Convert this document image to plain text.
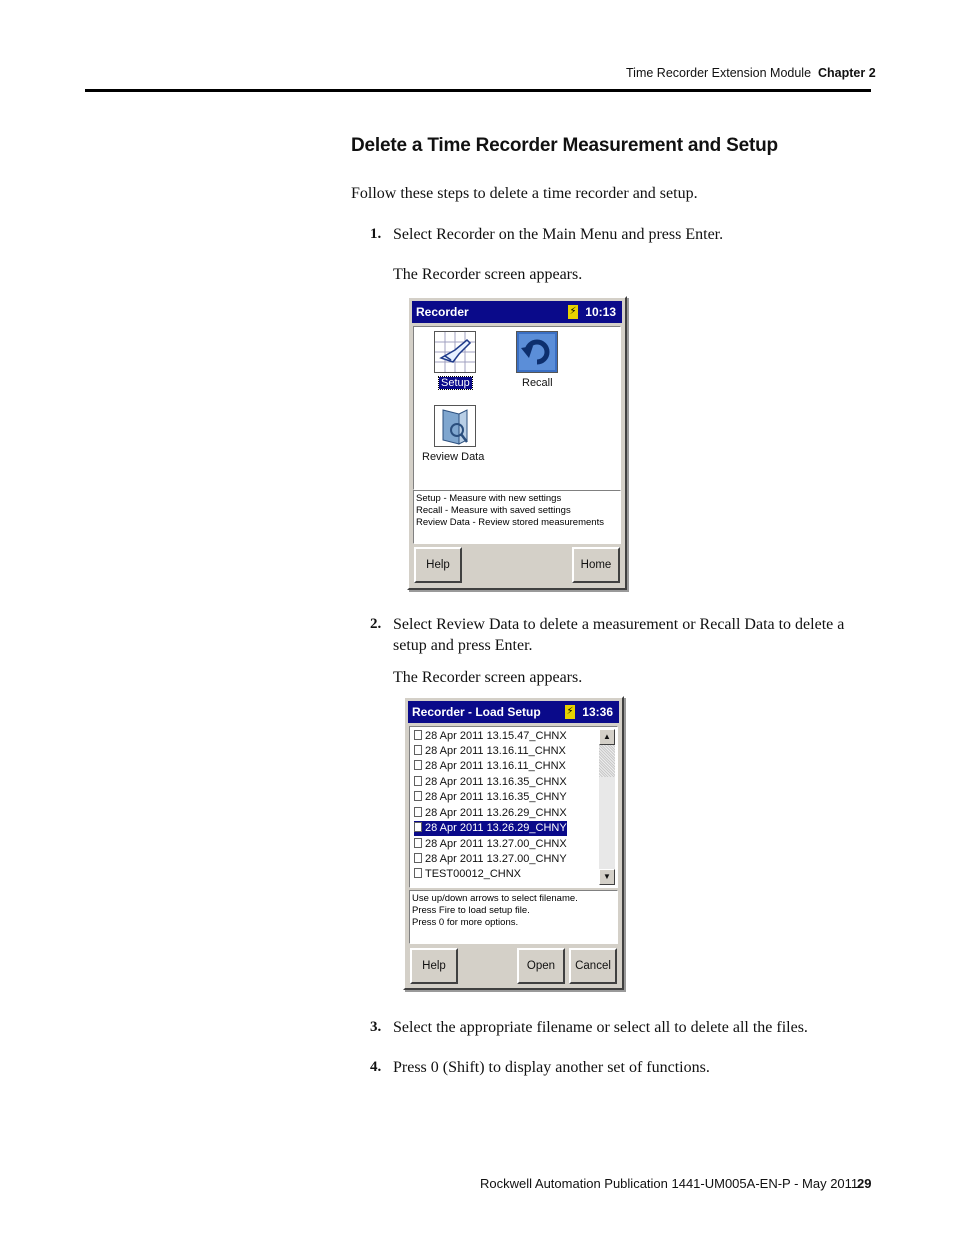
Time Recorder Extension Module Chapter 2
Delete a Time Recorder Measurement and Setup
Follow these steps to delete a time recorder and setup.
1. Select Recorder on the Main Menu and press Enter.
The Recorder screen appears.
Recorder	⚡ 10:13
Setup	Recall
Review Data
Setup - Measure with new settings
Recall - Measure with saved settings
Review Data - Review stored measurements
Help	Home
2. Select Review Data to delete a measurement or Recall Data to delete a setup and press Enter.
The Recorder screen appears.
Recorder - Load Setup	⚡ 13:36
28 Apr 2011 13.15.47_CHNX
28 Apr 2011 13.16.11_CHNX
28 Apr 2011 13.16.11_CHNX
28 Apr 2011 13.16.35_CHNX
28 Apr 2011 13.16.35_CHNY
28 Apr 2011 13.26.29_CHNX
28 Apr 2011 13.26.29_CHNY
28 Apr 2011 13.27.00_CHNX
28 Apr 2011 13.27.00_CHNY
TEST00012_CHNX
▲
▼
Use up/down arrows to select filename.
Press Fire to load setup file.
Press 0 for more options.
Help	Open	Cancel
3. Select the appropriate filename or select all to delete all the files.
4. Press 0 (Shift) to display another set of functions.
Rockwell Automation Publication 1441-UM005A-EN-P - May 2011
29
